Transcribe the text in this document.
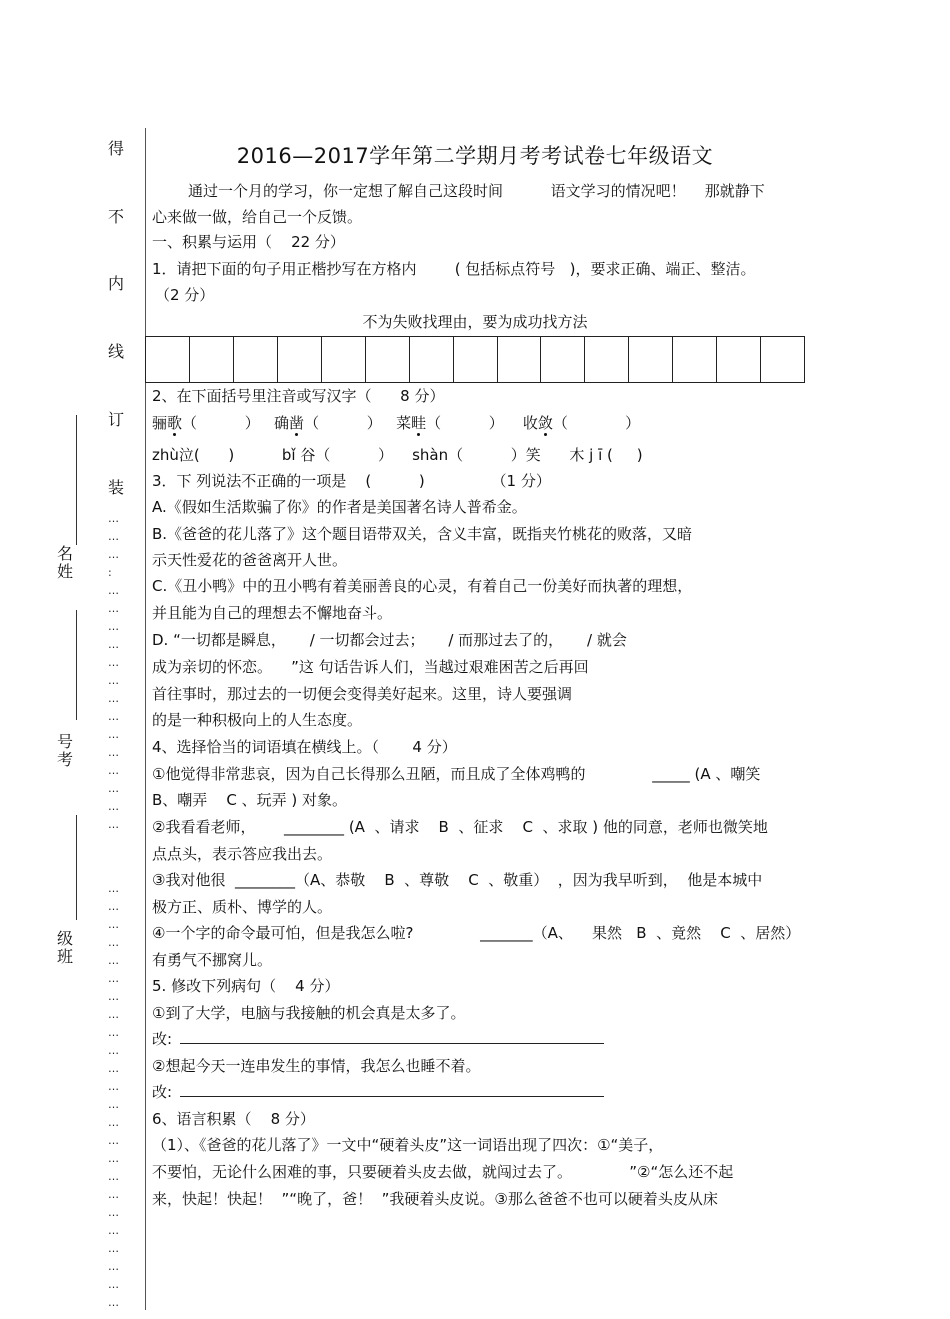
得
不
内
线
订
装
…
…
…
:
…
…
…
…
…
…
…
…
…
…
…
…
…
…
…
…
…
…
…
…
…
…
…
…
…
…
…
…
…
…
…
…
…
…
…
…
…
…
名
姓
号
考
级
班
2016—2017学年第二学期月考考试卷七年级语文
通过一个月的学习，你一定想了解自己这段时间          语文学习的情况吧！    那就静下
心来做一做，给自己一个反馈。
一、积累与运用（    22 分）
1．请把下面的句子用正楷抄写在方格内        ( 包括标点符号   )，要求正确、端正、整洁。
（2 分）
不为失败找理由，要为成功找方法
2、在下面括号里注音或写汉字（      8 分）
骊歌（          ） 确凿（          ） 菜畦（          ） 收敛（            ）
zhù泣(      )          bǐ 谷（          ）    shàn（          ）笑      木 j ī (     )
3．下 列说法不正确的一项是    (          )              （1 分）
A.《假如生活欺骗了你》的作者是美国著名诗人普希金。
B.《爸爸的花儿落了》这个题目语带双关，含义丰富，既指夹竹桃花的败落，又暗
示天性爱花的爸爸离开人世。
C.《丑小鸭》中的丑小鸭有着美丽善良的心灵，有着自己一份美好而执著的理想，
并且能为自己的理想去不懈地奋斗。
D. “一切都是瞬息，     / 一切都会过去；     / 而那过去了的，     / 就会
成为亲切的怀恋。    ”这 句话告诉人们，当越过艰难困苦之后再回
首往事时，那过去的一切便会变得美好起来。这里，诗人要强调
的是一种积极向上的人生态度。
4、选择恰当的词语填在横线上。（       4 分）
①他觉得非常悲哀，因为自己长得那么丑陋，而且成了全体鸡鸭的              _____ (A 、嘲笑
B、嘲弄    C 、玩弄 ) 对象。
②我看看老师，      ________ (A  、请求    B  、征求    C  、求取 ) 他的同意，老师也微笑地
点点头，表示答应我出去。
③我对他很  ________（A、恭敬    B  、尊敬    C  、敬重）  ，因为我早听到，  他是本城中
极方正、质朴、博学的人。
④一个字的命令最可怕，但是我怎么啦?              _______（A、    果然   B  、竟然    C  、居然）
有勇气不挪窝儿。
5. 修改下列病句（    4 分）
①到了大学，电脑与我接触的机会真是太多了。
改:
②想起今天一连串发生的事情，我怎么也睡不着。
改:
6、语言积累（    8 分）
（1）、《爸爸的花儿落了》一文中“硬着头皮”这一词语出现了四次：①“美子，
不要怕，无论什么困难的事，只要硬着头皮去做，就闯过去了。            ”②“怎么还不起
来，快起！快起！  ”“晚了，爸！  ”我硬着头皮说。③那么爸爸不也可以硬着头皮从床
